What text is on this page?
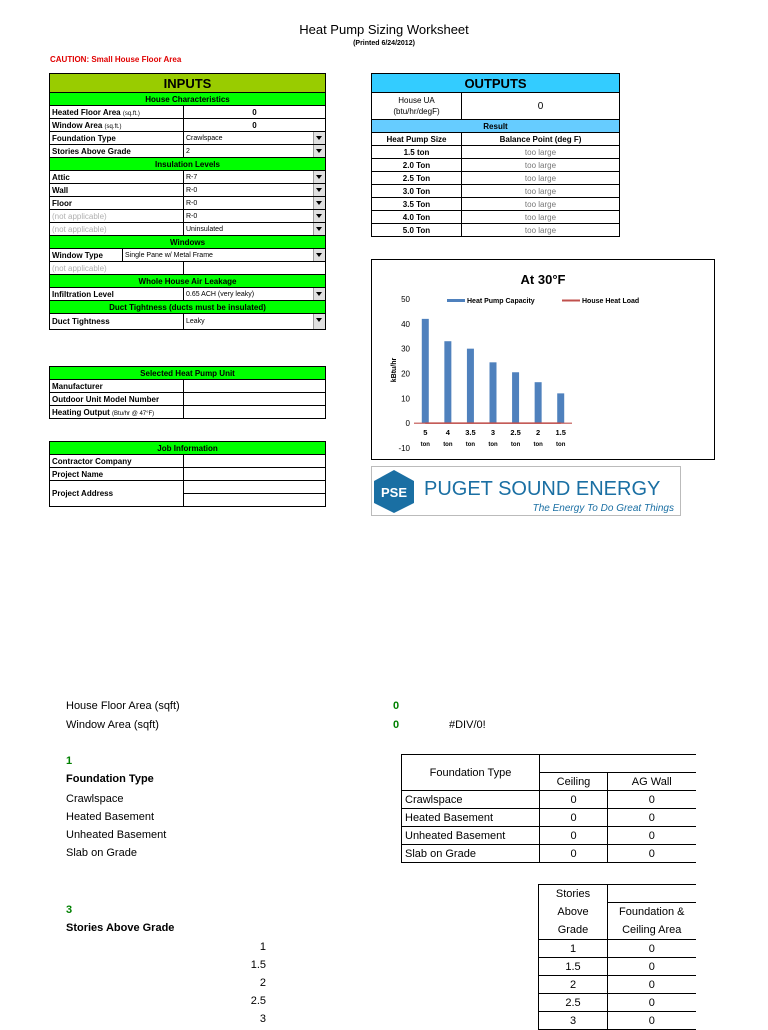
Heat Pump Sizing Worksheet
(Printed 6/24/2012)
CAUTION: Small House Floor Area
INPUTS
House Characteristics
Heated Floor Area (sq.ft.)	0
Window Area (sq.ft.)	0
Foundation Type	Crawlspace

Stories Above Grade	2

Insulation Levels
Attic	R-7

Wall	R-0

Floor	R-0

(not applicable)	R-0

(not applicable)	Uninsulated

Windows

Window Type	Single Pane w/ Metal Frame

(not applicable)	
Whole House Air Leakage
Infiltration Level	0.65 ACH (very leaky)

Duct Tightness (ducts must be insulated)
Duct Tightness	Leaky
Selected Heat Pump Unit	
Manufacturer	
Outdoor Unit Model Number	
Heating Output (Btu/hr @ 47°F)	
Job Information	
Contractor Company	
Project Name	
Project Address	

OUTPUTS	
House UA
(btu/hr/degF)	0
Result	
Heat Pump Size	Balance Point (deg F)
1.5 ton	too large
2.0 Ton	too large
2.5 Ton	too large
3.0 Ton	too large
3.5 Ton	too large
4.0 Ton	too large
5.0 Ton	too large
At 30°F
kBtu/hr
-10
0
10
20
30
40
50
5
ton
4
ton
3.5
ton
3
ton
2.5
ton
2
ton
1.5
ton
Heat Pump Capacity	House Heat Load
PSE PUGET SOUND ENERGY
The Energy To Do Great Things
House Floor Area (sqft)	0
Window Area (sqft)	0	#DIV/0!
1
Foundation Type
Crawlspace
Heated Basement
Unheated Basement
Slab on Grade
3
Stories Above Grade
1
1.5
2
2.5
3
Foundation Type		
	Ceiling	AG Wall
Crawlspace	0	0
Heated Basement	0	0
Unheated Basement	0	0
Slab on Grade	0	0
Stories
Above
Grade	
	Foundation &
Ceiling Area

1	0
1.5	0
2	0
2.5	0
3	0
